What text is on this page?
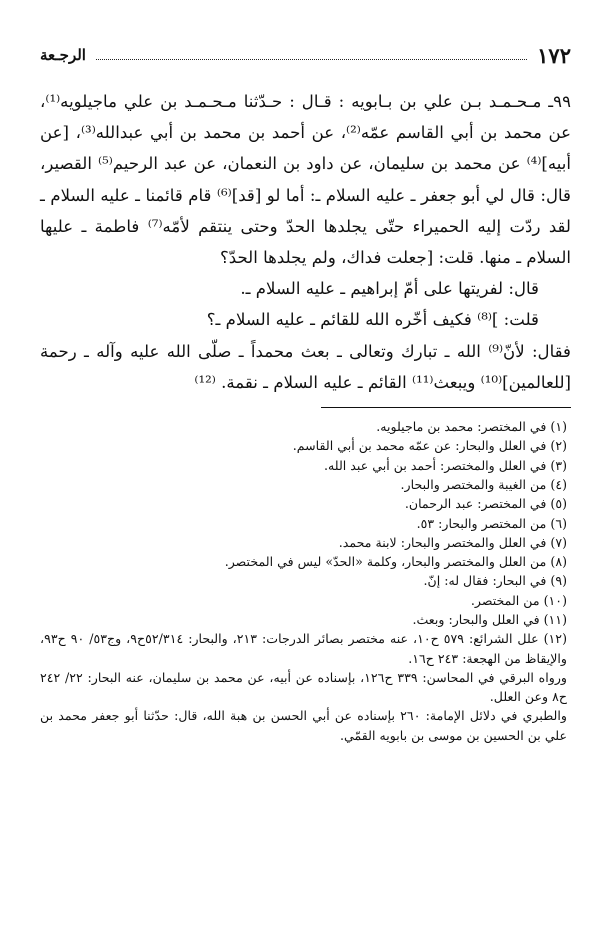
١٧٢
الرجـعة

٩٩ـ مـحـمـد بـن علي بن بـابويه : قـال : حـدّثنا مـحـمـد بن علي ماجيلويه⁽¹⁾، عن محمد بن أبي القاسم عمّه⁽²⁾، عن أحمد بن محمد بن أبي عبدالله⁽³⁾، [عن أبيه]⁽⁴⁾ عن محمد بن سليمان، عن داود بن النعمان، عن عبد الرحيم⁽⁵⁾ القصير، قال: قال لي أبو جعفر ـ عليه السلام ـ: أما لو [قد]⁽⁶⁾ قام قائمنا ـ عليه السلام ـ لقد ردّت إليه الحميراء حتّى يجلدها الحدّ وحتى ينتقم لأمّه⁽⁷⁾ فاطمة ـ عليها السلام ـ منها. قلت: [جعلت فداك، ولم يجلدها الحدّ؟

قال: لفريتها على أمّ إبراهيم ـ عليه السلام ـ.

قلت: ]⁽⁸⁾ فكيف أخّره الله للقائم ـ عليه السلام ـ؟

فقال: لأنّ⁽⁹⁾ الله ـ تبارك وتعالى ـ بعث محمداً ـ صلّى الله عليه وآله ـ رحمة [للعالمين]⁽¹⁰⁾ ويبعث⁽¹¹⁾ القائم ـ عليه السلام ـ نقمة. ⁽¹²⁾

(١) في المختصر: محمد بن ماجيلويه.

(٢) في العلل والبحار: عن عمّه محمد بن أبي القاسم.

(٣) في العلل والمختصر: أحمد بن أبي عبد الله.

(٤) من الغيبة والمختصر والبحار.

(٥) في المختصر: عبد الرحمان.

(٦) من المختصر والبحار: ٥٣.

(٧) في العلل والمختصر والبحار: لابنة محمد.

(٨) من العلل والمختصر والبحار، وكلمة «الحدّ» ليس في المختصر.

(٩) في البحار: فقال له: إنّ.

(١٠) من المختصر.

(١١) في العلل والبحار: وبعث.

(١٢) علل الشرائع: ٥٧٩ ح١٠، عنه مختصر بصائر الدرجات: ٢١٣، والبحار: ٥٢/٣١٤ح٩، وج٥٣/ ٩٠ ح٩٣، والإيقاظ من الهجعة: ٢٤٣ ح١٦.

ورواه البرقي في المحاسن: ٣٣٩ ح١٢٦، بإسناده عن أبيه، عن محمد بن سليمان، عنه البحار: ٢٢/ ٢٤٢ ح٨ وعن العلل.

والطبري في دلائل الإمامة: ٢٦٠ بإسناده عن أبي الحسن بن هبة الله، قال: حدّثنا أبو جعفر محمد بن علي بن الحسين بن موسى بن بابويه القمّي.
